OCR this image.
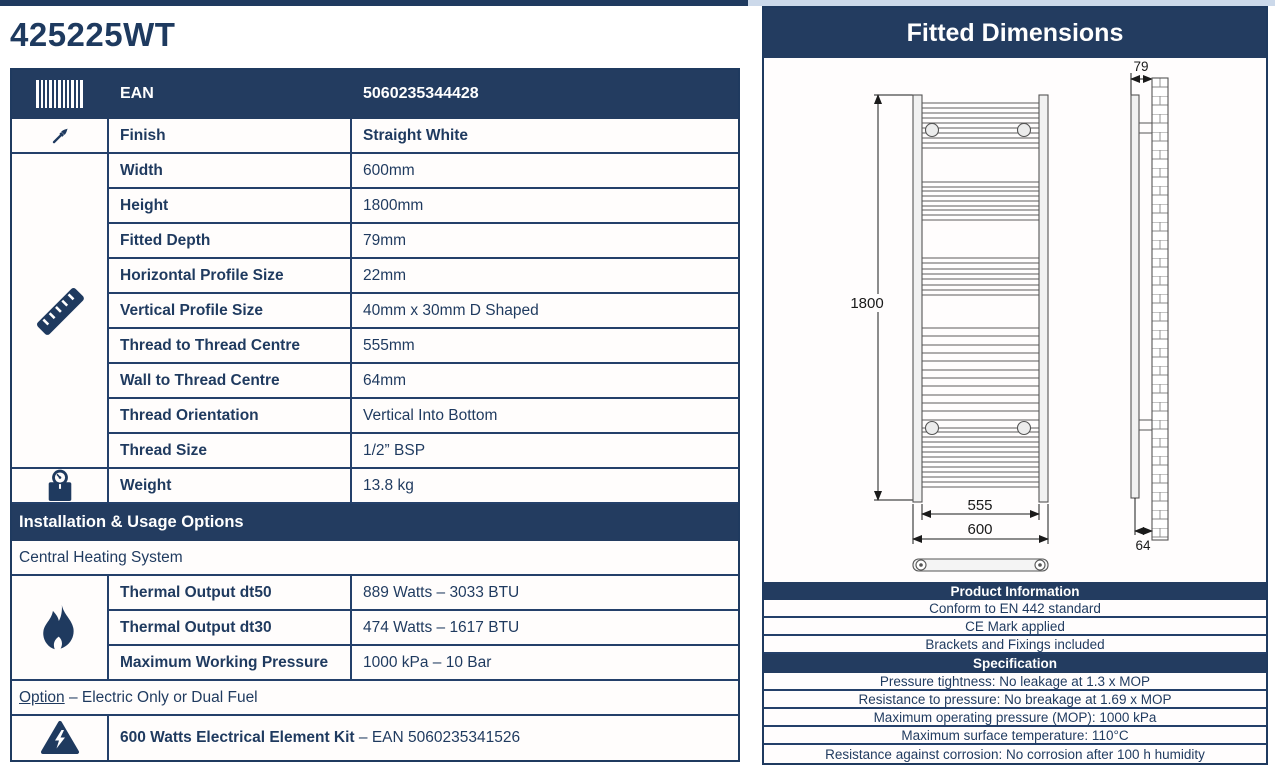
425225WT
EAN	5060235344428
Finish	Straight White
Width	600mm
Height	1800mm
Fitted Depth	79mm
Horizontal Profile Size	22mm
Vertical Profile Size	40mm x 30mm D Shaped
Thread to Thread Centre	555mm
Wall to Thread Centre	64mm
Thread Orientation	Vertical Into Bottom
Thread Size	1/2” BSP
Weight	13.8 kg
Installation & Usage Options
Central Heating System
Thermal Output dt50	889 Watts – 3033 BTU
Thermal Output dt30	474 Watts – 1617 BTU
Maximum Working Pressure	1000 kPa – 10 Bar
Option – Electric Only or Dual Fuel
600 Watts Electrical Element Kit – EAN 5060235341526
Fitted Dimensions
1800
555
600
79
64
Product Information
Conform to EN 442 standard
CE Mark applied
Brackets and Fixings included
Specification
Pressure tightness: No leakage at 1.3 x MOP
Resistance to pressure: No breakage at 1.69 x MOP
Maximum operating pressure (MOP): 1000 kPa
Maximum surface temperature: 110°C
Resistance against corrosion: No corrosion after 100 h humidity
